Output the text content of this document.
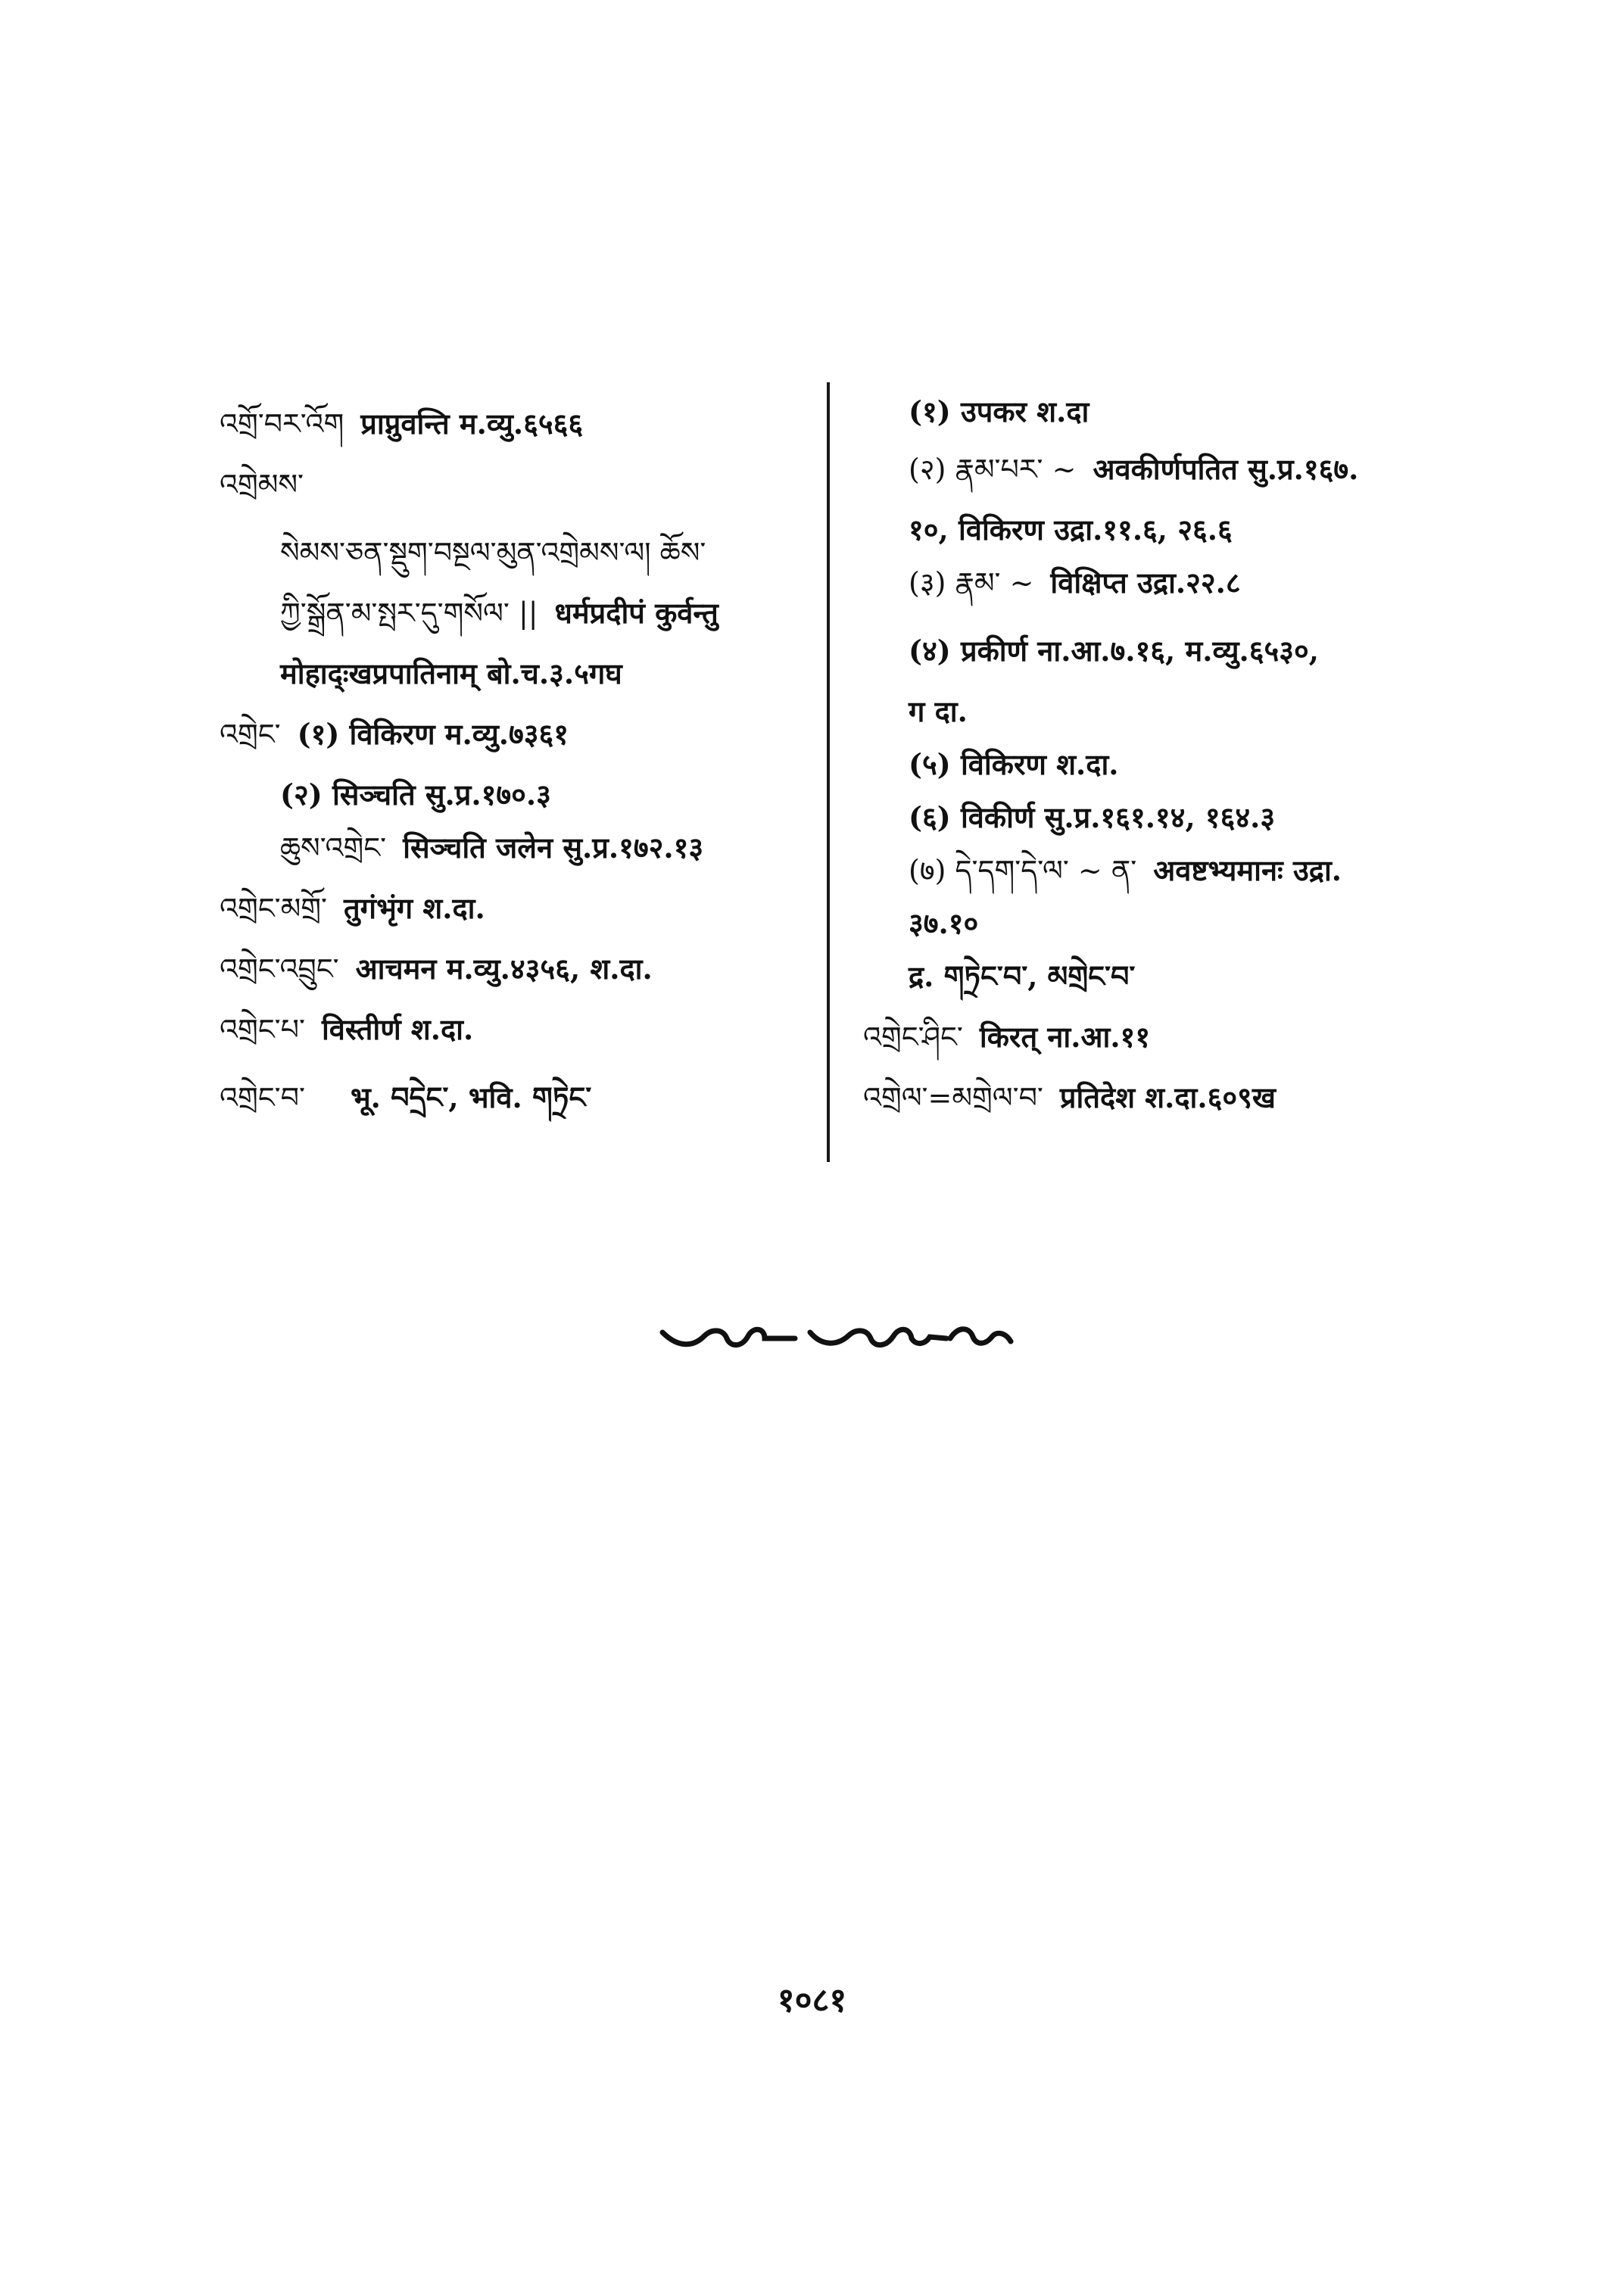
འགྲོ་བར་འོག प्राप्नुवन्ति म.व्यु.६५६६
འགྲེམས་
སེམས་ཅན་སྡུག་བསྔལ་མུན་འགྲེམས་ལ། ཆོས་
ཀྱི་སྒྲོན་མ་སྤར་དུ་གསོལ་ || धर्मप्रदीपं कुर्वन्तु
मोहाद्‌ःखप्रपातिनाम् बो.च.३.५गघ
འགྲེང་ (१) विकिरण म.व्यु.७३६१
(२) सिञ्चति सु.प्र.१७०.३
ཆུས་འགྲེང་ सिञ्चति जलेन सु.प्र.१७२.१३
འགྲེང་མགྲོ་ तुगंभृंग श.दा.
འགྲེང་འབྲུང་ आचमन म.व्यु.४३५६, श.दा.
འགྲེང་པ་ विस्तीर्ण श.दा.
འགྲེང་བ་ भू. བདྲེང་, भवि. གཏྲེང་
(१) उपकर श.दा
(२) རྣམ་པར་ ~ अवकीर्णपतित सु.प्र.१६७.
१०, विकिरण उद्रा.११.६, २६.६
(३) རྣམ་ ~ विक्षिप्त उद्रा.२२.८
(४) प्रकीर्ण ना.आ.७.१६, म.व्यु.६५३०,
ग दा.
(५) विकिरण श.दा.
(६) विकीर्ण सु.प्र.१६१.१४, १६४.३
(७) དེ་དག་དེ་ལ་ ~ ན་ अवष्टभ्यमानः उद्रा.
३७.१०
द्र. གཏྲེང་བ་, མགྲེང་བ་
འགྲེང་ཤིང་ किरत् ना.आ.११
འགྲེལ་=མགྲེལ་བ་ प्रतिदेश श.दा.६०९ख
१०८१
